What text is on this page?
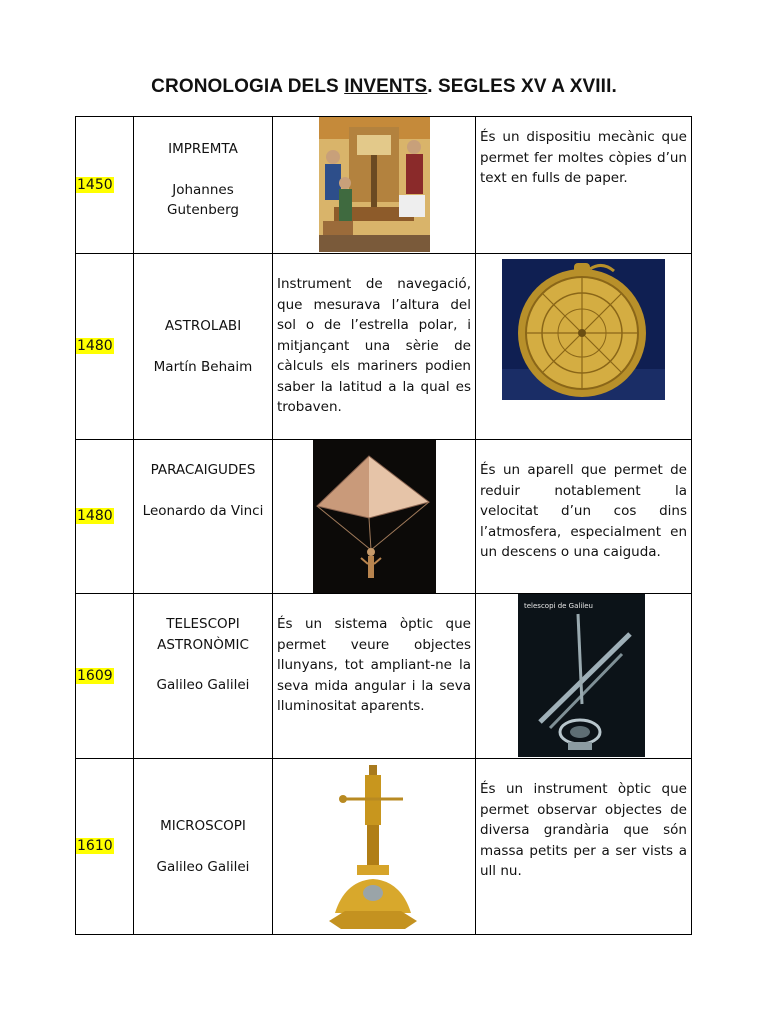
CRONOLOGIA DELS INVENTS. SEGLES XV A XVIII.
1450	IMPREMTA
Johannes Gutenberg		És un dispositiu mecànic que permet fer moltes còpies d’un text en fulls de paper.

1480	ASTROLABI
Martín Behaim	Instrument de navegació, que mesurava l’altura del sol o de l’estrella polar, i mitjançant una sèrie de càlculs els mariners podien saber la latitud a la qual es trobaven.

1480	PARACAIGUDES
Leonardo da Vinci		És un aparell que permet de reduir notablement la velocitat d’un cos dins l’atmosfera, especialment en un descens o una caiguda.

1609	TELESCOPI ASTRONÒMIC
Galileo Galilei	És un sistema òptic que permet veure objectes llunyans, tot ampliant-ne la seva mida angular i la seva lluminositat aparents.	telescopi de Galileu

1610	MICROSCOPI
Galileo Galilei		És un instrument òptic que permet observar objectes de diversa grandària que són massa petits per a ser vists a ull nu.
